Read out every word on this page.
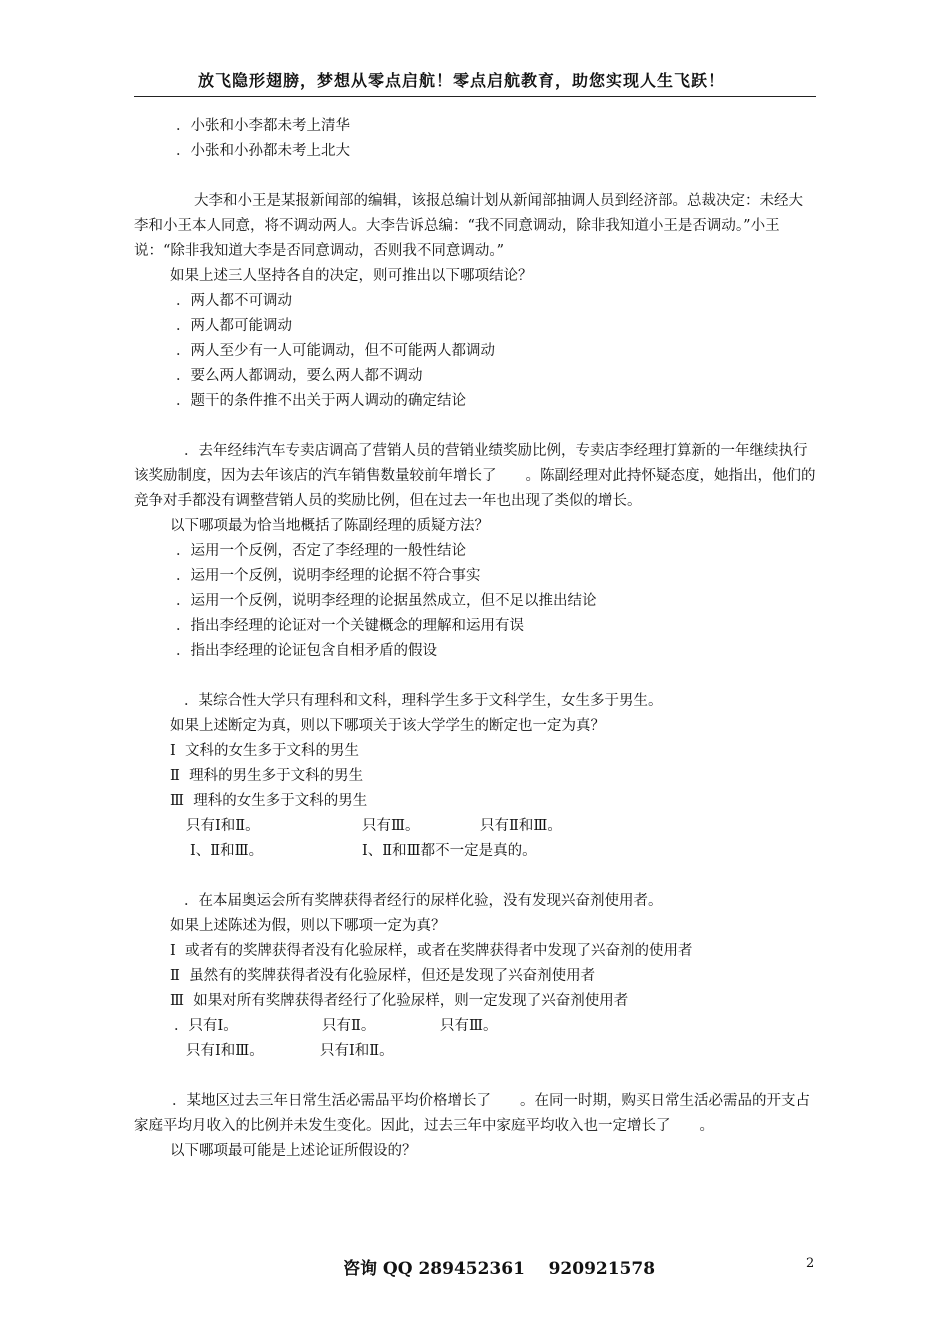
放飞隐形翅膀，梦想从零点启航！零点启航教育，助您实现人生飞跃！
．小张和小李都未考上清华
．小张和小孙都未考上北大
大李和小王是某报新闻部的编辑，该报总编计划从新闻部抽调人员到经济部。总裁决定：未经大李和小王本人同意，将不调动两人。大李告诉总编：“我不同意调动，除非我知道小王是否调动。”小王说：“除非我知道大李是否同意调动，否则我不同意调动。”
如果上述三人坚持各自的决定，则可推出以下哪项结论？
．两人都不可调动
．两人都可能调动
．两人至少有一人可能调动，但不可能两人都调动
．要么两人都调动，要么两人都不调动
．题干的条件推不出关于两人调动的确定结论
．去年经纬汽车专卖店调高了营销人员的营销业绩奖励比例，专卖店李经理打算新的一年继续执行该奖励制度，因为去年该店的汽车销售数量较前年增长了　　。陈副经理对此持怀疑态度，她指出，他们的竞争对手都没有调整营销人员的奖励比例，但在过去一年也出现了类似的增长。
以下哪项最为恰当地概括了陈副经理的质疑方法？
．运用一个反例，否定了李经理的一般性结论
．运用一个反例，说明李经理的论据不符合事实
．运用一个反例，说明李经理的论据虽然成立，但不足以推出结论
．指出李经理的论证对一个关键概念的理解和运用有误
．指出李经理的论证包含自相矛盾的假设
．某综合性大学只有理科和文科，理科学生多于文科学生，女生多于男生。
如果上述断定为真，则以下哪项关于该大学学生的断定也一定为真？
Ⅰ  文科的女生多于文科的男生
Ⅱ  理科的男生多于文科的男生
Ⅲ  理科的女生多于文科的男生
只有Ⅰ和Ⅱ。	只有Ⅲ。	只有Ⅱ和Ⅲ。
Ⅰ、Ⅱ和Ⅲ。	Ⅰ、Ⅱ和Ⅲ都不一定是真的。
．在本届奥运会所有奖牌获得者经行的尿样化验，没有发现兴奋剂使用者。
如果上述陈述为假，则以下哪项一定为真？
Ⅰ  或者有的奖牌获得者没有化验尿样，或者在奖牌获得者中发现了兴奋剂的使用者
Ⅱ  虽然有的奖牌获得者没有化验尿样，但还是发现了兴奋剂使用者
Ⅲ  如果对所有奖牌获得者经行了化验尿样，则一定发现了兴奋剂使用者
．只有Ⅰ。	只有Ⅱ。	只有Ⅲ。
只有Ⅰ和Ⅲ。	只有Ⅰ和Ⅱ。
．某地区过去三年日常生活必需品平均价格增长了　　。在同一时期，购买日常生活必需品的开支占家庭平均月收入的比例并未发生变化。因此，过去三年中家庭平均收入也一定增长了　　。
以下哪项最可能是上述论证所假设的？
咨询 QQ 289452361    920921578	2
